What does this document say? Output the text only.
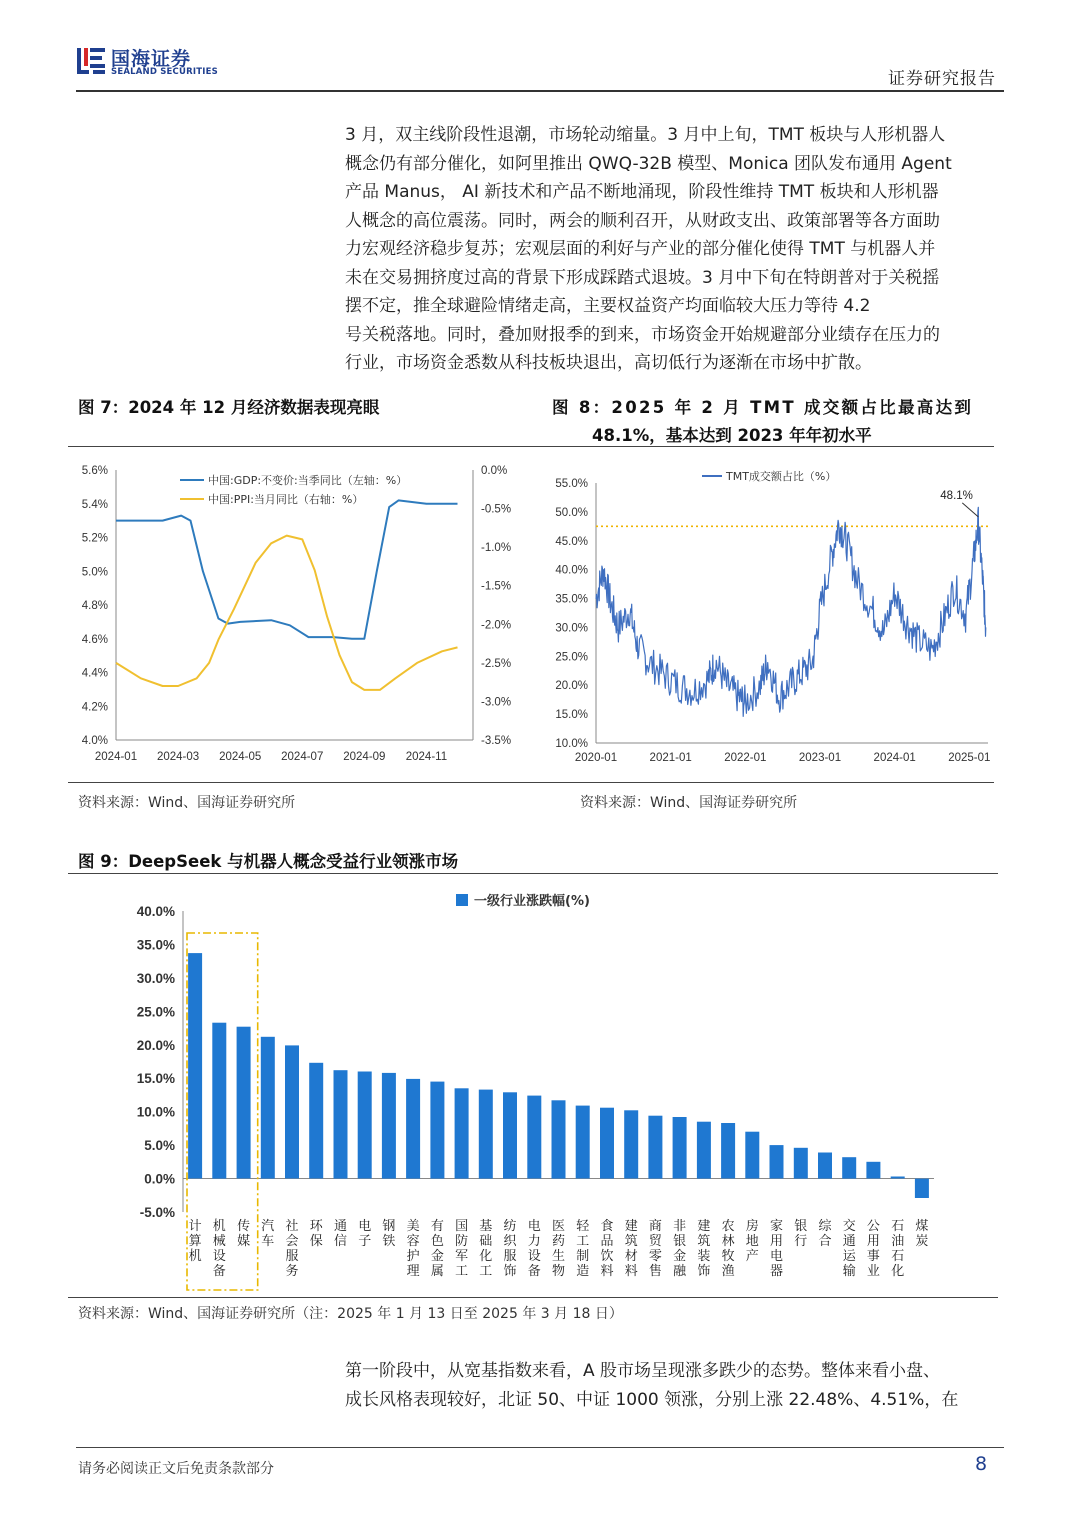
国海证券
SEALAND SECURITIES	证券研究报告
3 月，双主线阶段性退潮，市场轮动缩量。3 月中上旬，TMT 板块与人形机器人
概念仍有部分催化，如阿里推出 QWQ-32B 模型、Monica 团队发布通用 Agent
产品 Manus， AI 新技术和产品不断地涌现，阶段性维持 TMT 板块和人形机器
人概念的高位震荡。同时，两会的顺利召开，从财政支出、政策部署等各方面助
力宏观经济稳步复苏；宏观层面的利好与产业的部分催化使得 TMT 与机器人并
未在交易拥挤度过高的背景下形成踩踏式退坡。3 月中下旬在特朗普对于关税摇
摆不定，推全球避险情绪走高，主要权益资产均面临较大压力等待 4.2
号关税落地。同时，叠加财报季的到来，市场资金开始规避部分业绩存在压力的
行业，市场资金悉数从科技板块退出，高切低行为逐渐在市场中扩散。
图 7：2024 年 12 月经济数据表现亮眼	图 8：2025 年 2 月 TMT 成交额占比最高达到
48.1%，基本达到 2023 年年初水平
4.0%
4.2%
4.4%
4.6%
4.8%
5.0%
5.2%
5.4%
5.6%
-3.5%
-3.0%
-2.5%
-2.0%
-1.5%
-1.0%
-0.5%
0.0%
2024-01 2024-03 2024-05 2024-07 2024-09 2024-11
中国:GDP:不变价:当季同比（左轴：%）
中国:PPI:当月同比（右轴：%）
10.0%
15.0%
20.0%
25.0%
30.0%
35.0%
40.0%
45.0%
50.0%
55.0%
2020-01	2021-01	2022-01	2023-01	2024-01	2025-01
48.1%
TMT成交额占比（%）
资料来源：Wind、国海证券研究所	资料来源：Wind、国海证券研究所
图 9：DeepSeek 与机器人概念受益行业领涨市场
-5.0%
0.0%
5.0%
10.0%
15.0%
20.0%
25.0%
30.0%
35.0%
40.0%
计
算
机
机
械
设
备
传
媒
汽
车
社
会
服
务
环
保
通
信
电
子
钢
铁
美
容
护
理
有
色
金
属
国
防
军
工
基
础
化
工
纺
织
服
饰
电
力
设
备
医
药
生
物
轻
工
制
造
食
品
饮
料
建
筑
材
料
商
贸
零
售
非
银
金
融
建
筑
装
饰
农
林
牧
渔
房
地
产
家
用
电
器
银
行
综
合
交
通
运
输
公
用
事
业
石
油
石
化
煤
炭
一级行业涨跌幅(%)
资料来源：Wind、国海证券研究所（注：2025 年 1 月 13 日至 2025 年 3 月 18 日）
第一阶段中，从宽基指数来看，A 股市场呈现涨多跌少的态势。整体来看小盘、
成长风格表现较好，北证 50、中证 1000 领涨，分别上涨 22.48%、4.51%，在
请务必阅读正文后免责条款部分	8
